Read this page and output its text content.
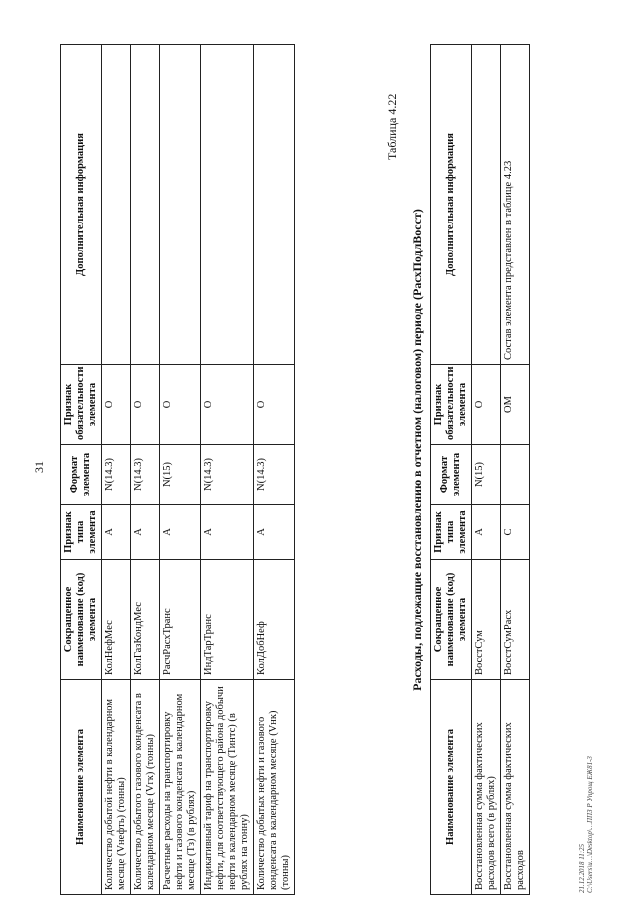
31
Наименование элемента	Сокращенное наименование (код) элемента	Признак типа элемента	Формат элемента	Признак обязательности элемента	Дополнительная информация
Количество добытой нефти в календарном месяце (Vнефть) (тонны)	КолНефМес	А	N(14.3)	О	
Количество добытого газового конденсата в календарном месяце (Vгк) (тонны)	КолГазКондМес	А	N(14.3)	О	
Расчетные расходы на транспортировку нефти и газового конденсата в календарном месяце (Тз) (в рублях)	РасчРасхТранс	А	N(15)	О	
Индикативный тариф на транспортировку нефти, для соответствующего района добычи нефти в календарном месяце (Тинтс) (в рублях на тонну)	ИндТарТранс	А	N(14.3)	О	
Количество добытых нефти и газового конденсата в календарном месяце (Vнк) (тонны)	КолДобНеф	А	N(14.3)	О	
Таблица 4.22
Расходы, подлежащие восстановлению в отчетном (налоговом) периоде (РасхПодлВосст)
Наименование элемента	Сокращенное наименование (код) элемента	Признак типа элемента	Формат элемента	Признак обязательности элемента	Дополнительная информация
Восстановленная сумма фактических расходов всего (в рублях)	ВосстСум	А	N(15)	О	
Восстановленная сумма фактических расходов	ВосстСумРасх	С		ОМ	Состав элемента представлен в таблице 4.23
21.12.2018 11:25 С:\Users\u…\Desktop\…ППЗ Р Упрощ ЕЖ81-3
